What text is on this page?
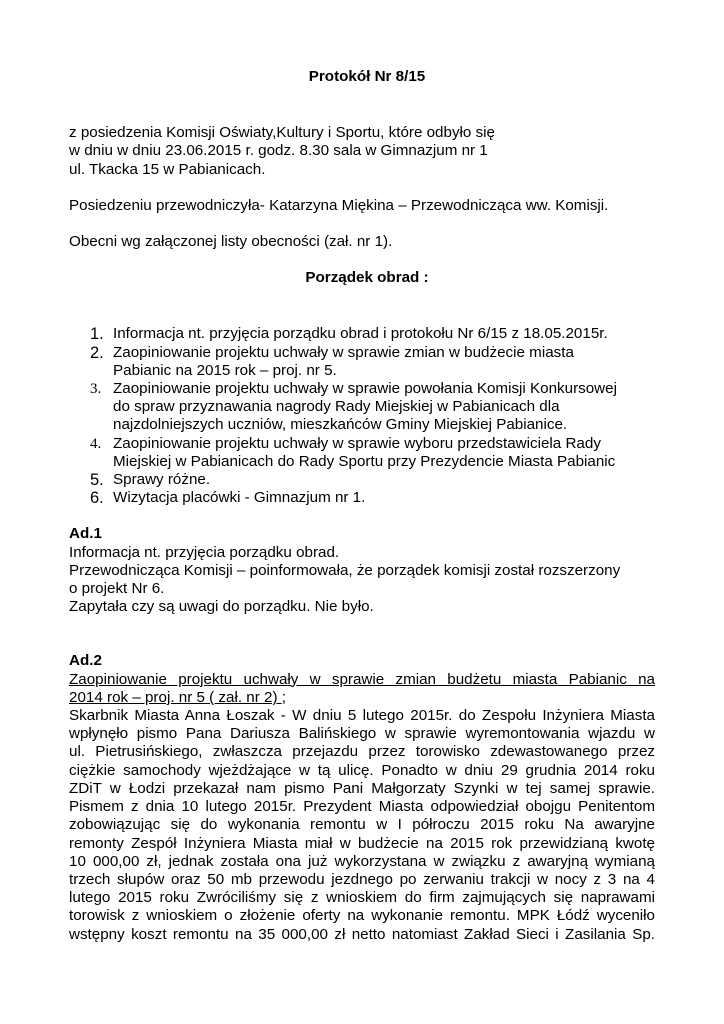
Protokół Nr 8/15

z posiedzenia Komisji Oświaty,Kultury i Sportu, które odbyło się

w dniu w dniu 23.06.2015 r. godz. 8.30 sala w Gimnazjum nr 1

ul. Tkacka 15 w Pabianicach.

Posiedzeniu przewodniczyła- Katarzyna Miękina – Przewodnicząca ww. Komisji.

Obecni wg załączonej listy obecności (zał. nr 1).

Porządek obrad :

1. Informacja nt. przyjęcia porządku obrad i protokołu Nr 6/15 z 18.05.2015r.
2. Zaopiniowanie projektu uchwały w sprawie zmian w budżecie miasta
Pabianic na 2015 rok – proj. nr 5.
3. Zaopiniowanie projektu uchwały w sprawie powołania Komisji Konkursowej
do spraw przyznawania nagrody Rady Miejskiej w Pabianicach dla
najzdolniejszych uczniów, mieszkańców Gminy Miejskiej Pabianice.
4. Zaopiniowanie projektu uchwały w sprawie wyboru przedstawiciela Rady
Miejskiej w Pabianicach do Rady Sportu przy Prezydencie Miasta Pabianic
5. Sprawy różne.
6. Wizytacja placówki - Gimnazjum nr 1.

Ad.1

Informacja nt. przyjęcia porządku obrad.

Przewodnicząca Komisji – poinformowała, że porządek komisji został rozszerzony

o projekt Nr 6.

Zapytała czy są uwagi do porządku. Nie było.

Ad.2

Zaopiniowanie projektu uchwały w sprawie zmian budżetu miasta Pabianic na

2014 rok – proj. nr 5 ( zał. nr 2) ;

Skarbnik Miasta Anna Łoszak - W dniu 5 lutego 2015r. do Zespołu Inżyniera Miasta

wpłynęło pismo Pana Dariusza Balińskiego w sprawie wyremontowania wjazdu w

ul. Pietrusińskiego, zwłaszcza przejazdu przez torowisko zdewastowanego przez

ciężkie samochody wjeżdżające w tą ulicę. Ponadto w dniu 29 grudnia 2014 roku

ZDiT w Łodzi przekazał nam pismo Pani Małgorzaty Szynki w tej samej sprawie.

Pismem z dnia 10 lutego 2015r. Prezydent Miasta odpowiedział obojgu Penitentom

zobowiązując się do wykonania remontu w I półroczu 2015 roku Na awaryjne

remonty Zespół Inżyniera Miasta miał w budżecie na 2015 rok przewidzianą kwotę

10 000,00 zł, jednak została ona już wykorzystana w związku z awaryjną wymianą

trzech słupów oraz 50 mb przewodu jezdnego po zerwaniu trakcji w nocy z 3 na 4

lutego 2015 roku Zwróciliśmy się z wnioskiem do firm zajmujących się naprawami

torowisk z wnioskiem o złożenie oferty na wykonanie remontu. MPK Łódź wyceniło

wstępny koszt remontu na 35 000,00 zł netto natomiast Zakład Sieci i Zasilania Sp.
